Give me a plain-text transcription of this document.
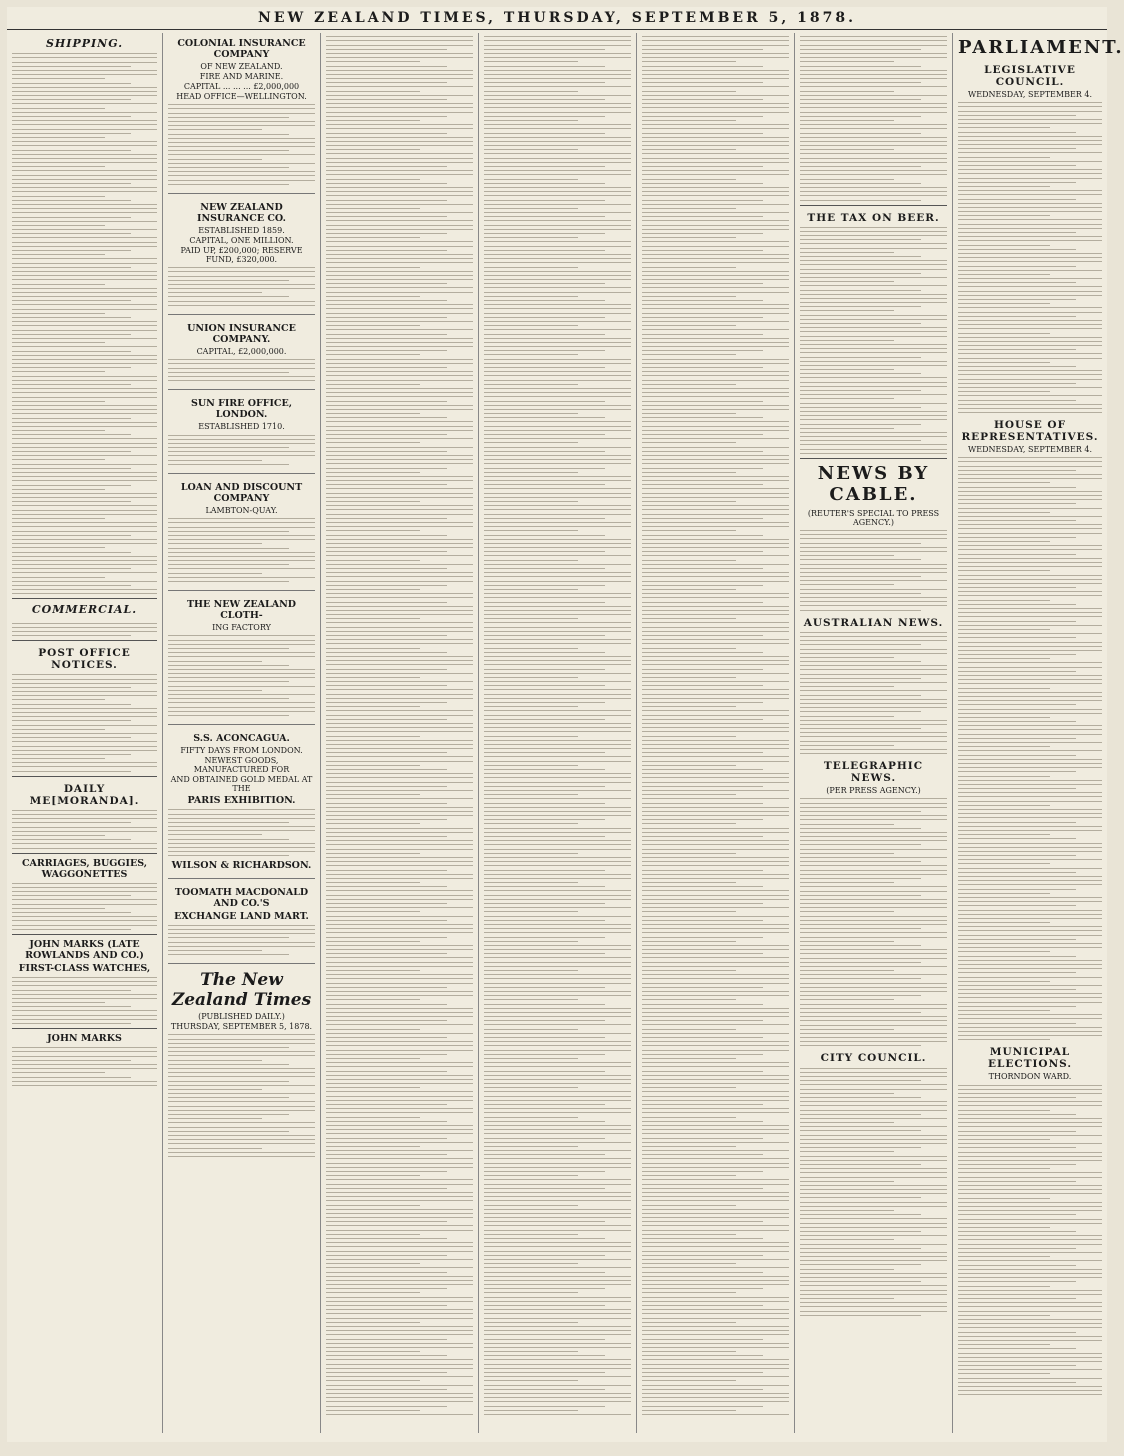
NEW ZEALAND TIMES, THURSDAY, SEPTEMBER 5, 1878.
SHIPPING.
COMMERCIAL.

POST OFFICE NOTICES.
DAILY ME[MORANDA].
CARRIAGES, BUGGIES, WAGGONETTES
JOHN MARKS (LATE ROWLANDS AND CO.)
FIRST-CLASS WATCHES,
JOHN MARKS
COLONIAL INSURANCE COMPANY
OF NEW ZEALAND.
FIRE AND MARINE.
CAPITAL ... ... ... £2,000,000
HEAD OFFICE—WELLINGTON.
NEW ZEALAND INSURANCE CO.
ESTABLISHED 1859.
CAPITAL, ONE MILLION.
PAID UP, £200,000; RESERVE FUND, £320,000.
UNION INSURANCE COMPANY.
CAPITAL, £2,000,000.
SUN FIRE OFFICE, LONDON.
ESTABLISHED 1710.
LOAN AND DISCOUNT COMPANY
LAMBTON-QUAY.
THE NEW ZEALAND CLOTH-
ING FACTORY
S.S. ACONCAGUA.
FIFTY DAYS FROM LONDON.
NEWEST GOODS, MANUFACTURED FOR
AND OBTAINED GOLD MEDAL AT THE
PARIS EXHIBITION.
WILSON & RICHARDSON.
TOOMATH MACDONALD AND CO.'S
EXCHANGE LAND MART.
The New Zealand Times
(PUBLISHED DAILY.)
THURSDAY, SEPTEMBER 5, 1878.
THE TAX ON BEER.
NEWS BY CABLE.
(REUTER'S SPECIAL TO PRESS AGENCY.)
AUSTRALIAN NEWS.
TELEGRAPHIC NEWS.
(PER PRESS AGENCY.)
CITY COUNCIL.
PARLIAMENT.
LEGISLATIVE COUNCIL.
WEDNESDAY, SEPTEMBER 4.
HOUSE OF REPRESENTATIVES.
WEDNESDAY, SEPTEMBER 4.
MUNICIPAL ELECTIONS.
THORNDON WARD.
